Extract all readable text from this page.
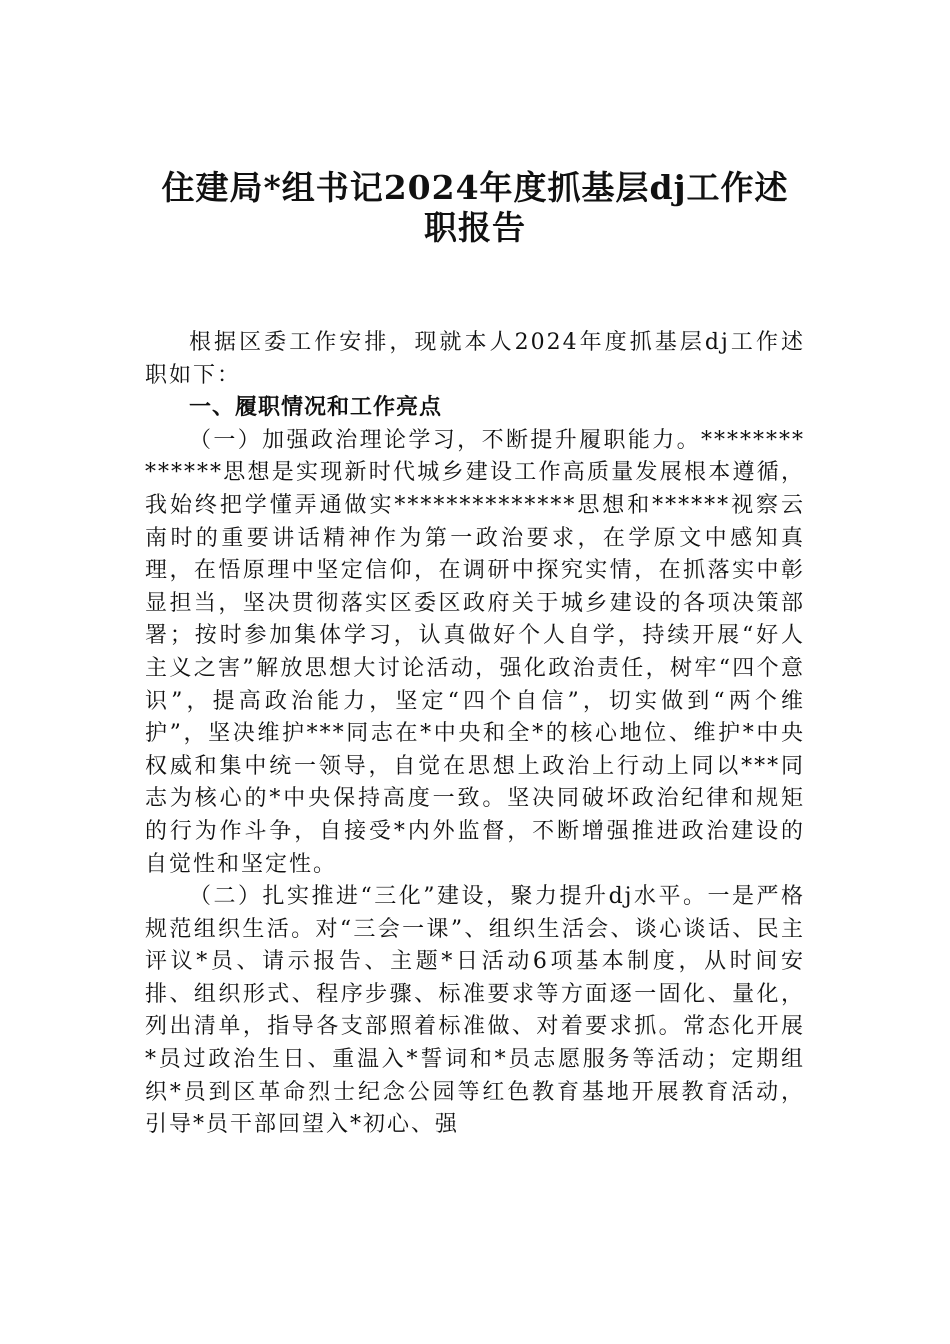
住建局*组书记2024年度抓基层dj工作述
职报告

根据区委工作安排，现就本人2024年度抓基层dj工作述职如下：

一、履职情况和工作亮点

（一）加强政治理论学习，不断提升履职能力。**************思想是实现新时代城乡建设工作高质量发展根本遵循，我始终把学懂弄通做实**************思想和******视察云南时的重要讲话精神作为第一政治要求，在学原文中感知真理，在悟原理中坚定信仰，在调研中探究实情，在抓落实中彰显担当，坚决贯彻落实区委区政府关于城乡建设的各项决策部署；按时参加集体学习，认真做好个人自学，持续开展“好人主义之害”解放思想大讨论活动，强化政治责任，树牢“四个意识”，提高政治能力，坚定“四个自信”，切实做到“两个维护”，坚决维护***同志在*中央和全*的核心地位、维护*中央权威和集中统一领导，自觉在思想上政治上行动上同以***同志为核心的*中央保持高度一致。坚决同破坏政治纪律和规矩的行为作斗争，自接受*内外监督，不断增强推进政治建设的自觉性和坚定性。

（二）扎实推进“三化”建设，聚力提升dj水平。一是严格规范组织生活。对“三会一课”、组织生活会、谈心谈话、民主评议*员、请示报告、主题*日活动6项基本制度，从时间安排、组织形式、程序步骤、标准要求等方面逐一固化、量化，列出清单，指导各支部照着标准做、对着要求抓。常态化开展*员过政治生日、重温入*誓词和*员志愿服务等活动；定期组织*员到区革命烈士纪念公园等红色教育基地开展教育活动，引导*员干部回望入*初心、强
